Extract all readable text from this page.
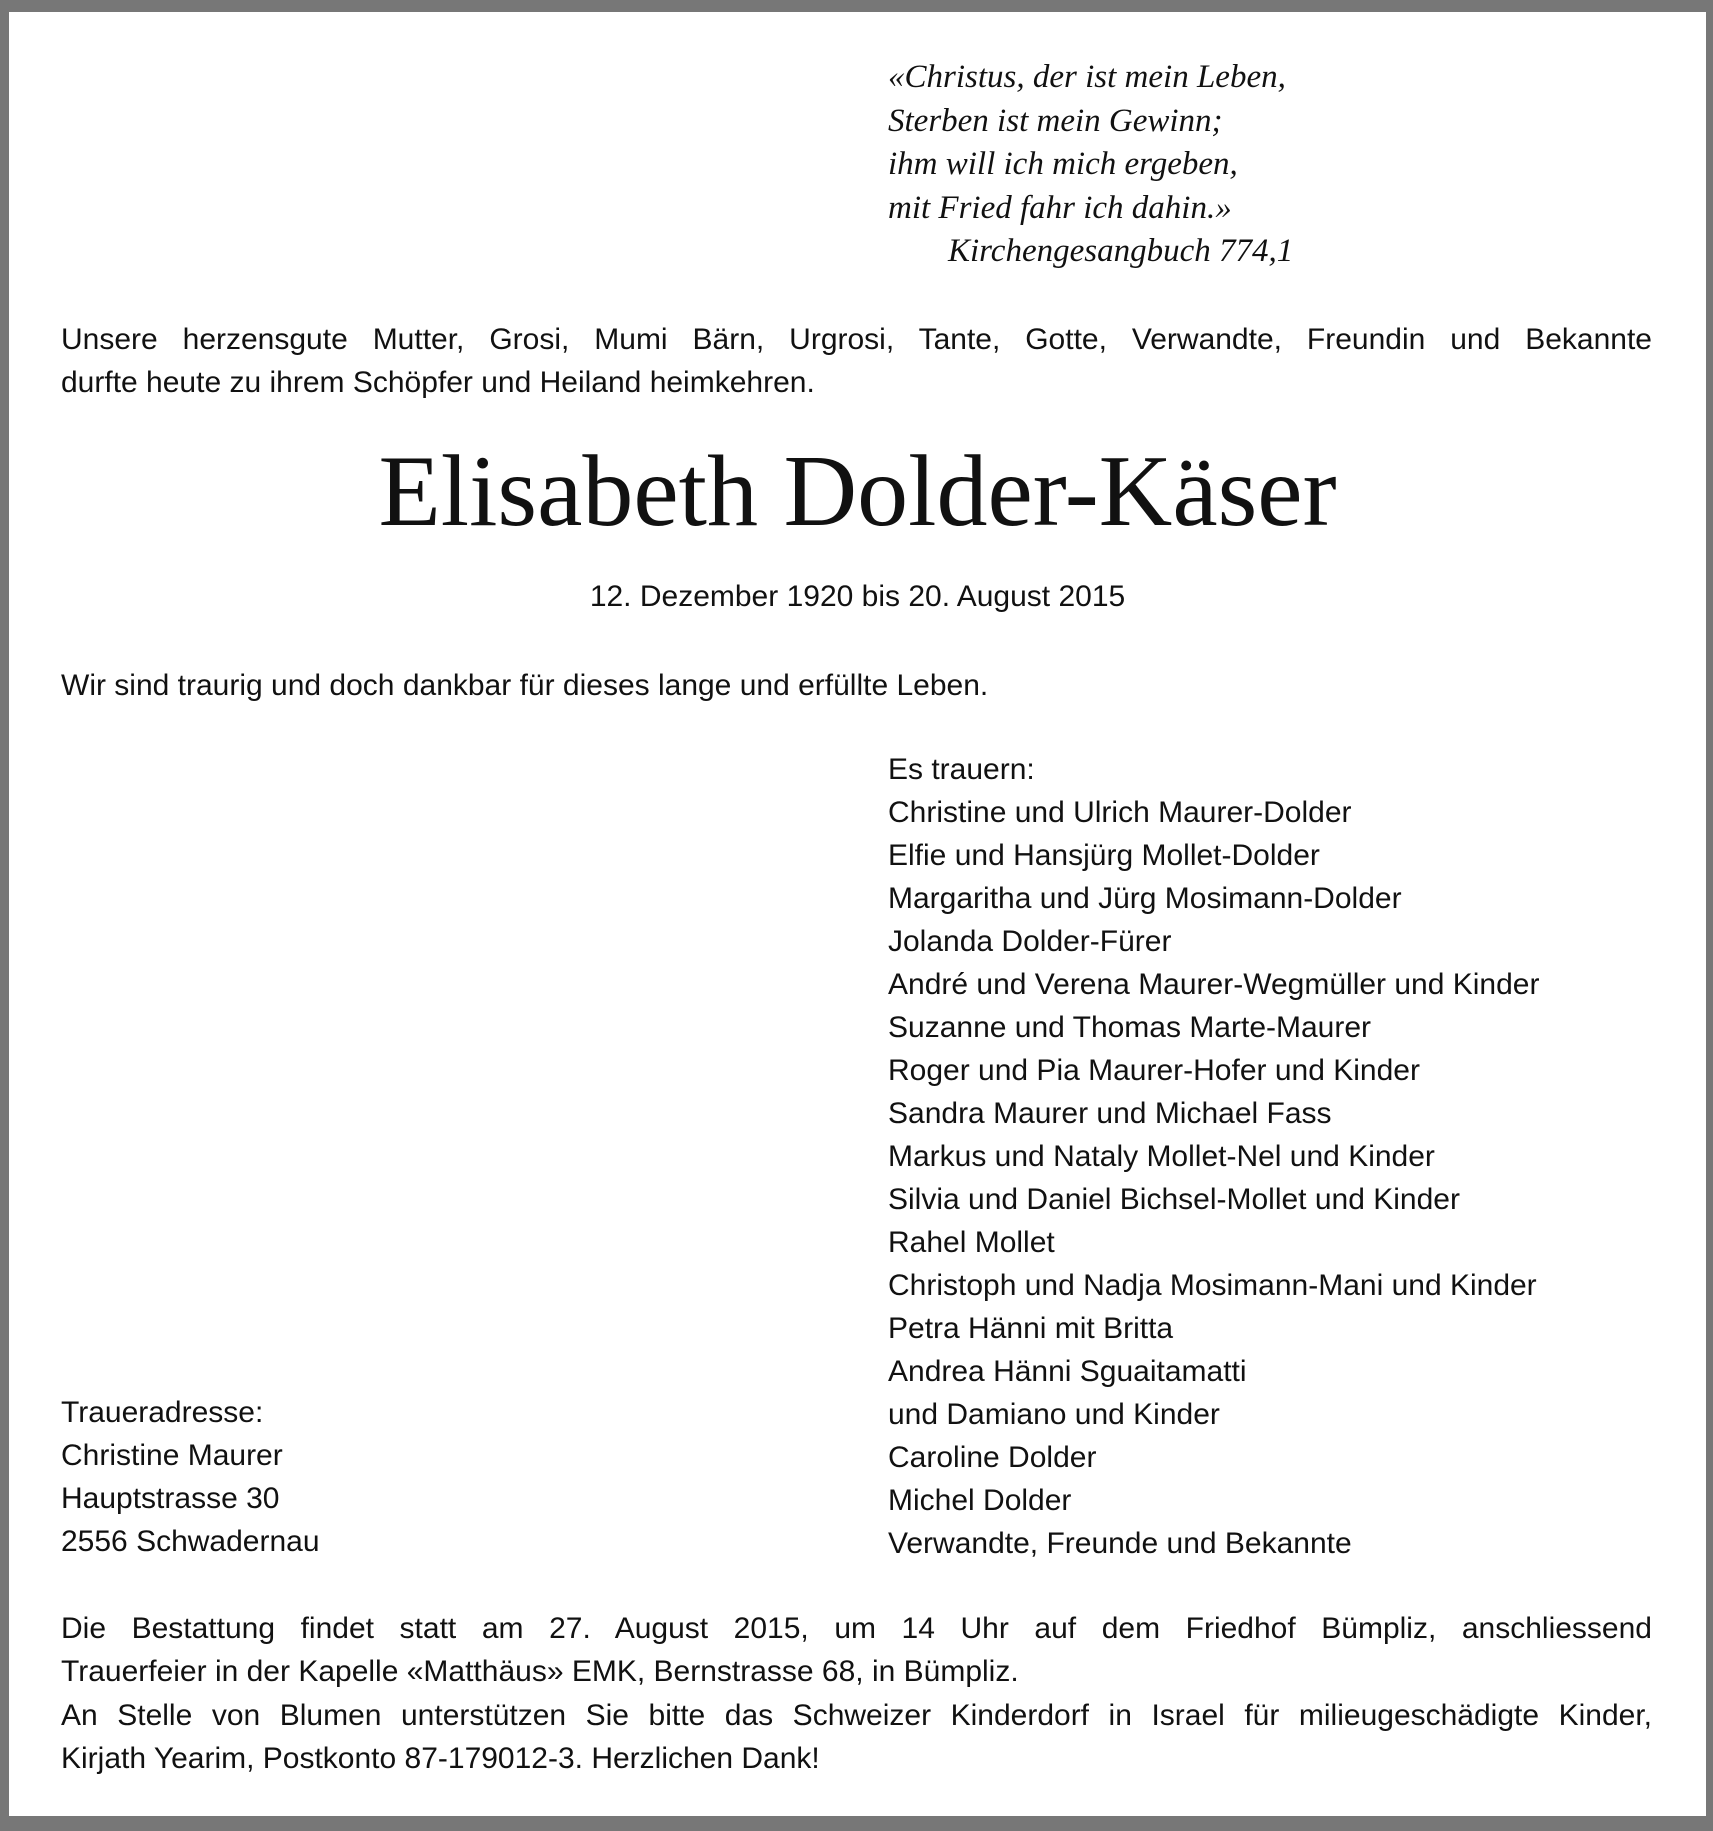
«Christus, der ist mein Leben,
Sterben ist mein Gewinn;
ihm will ich mich ergeben,
mit Fried fahr ich dahin.»
Kirchengesangbuch 774,1
Unsere herzensgute Mutter, Grosi, Mumi Bärn, Urgrosi, Tante, Gotte, Verwandte, Freundin und Bekannte
durfte heute zu ihrem Schöpfer und Heiland heimkehren.
Elisabeth Dolder-Käser
12. Dezember 1920 bis 20. August 2015
Wir sind traurig und doch dankbar für dieses lange und erfüllte Leben.
Es trauern:
Christine und Ulrich Maurer-Dolder
Elfie und Hansjürg Mollet-Dolder
Margaritha und Jürg Mosimann-Dolder
Jolanda Dolder-Fürer
André und Verena Maurer-Wegmüller und Kinder
Suzanne und Thomas Marte-Maurer
Roger und Pia Maurer-Hofer und Kinder
Sandra Maurer und Michael Fass
Markus und Nataly Mollet-Nel und Kinder
Silvia und Daniel Bichsel-Mollet und Kinder
Rahel Mollet
Christoph und Nadja Mosimann-Mani und Kinder
Petra Hänni mit Britta
Andrea Hänni Sguaitamatti
und Damiano und Kinder
Caroline Dolder
Michel Dolder
Verwandte, Freunde und Bekannte
Traueradresse:
Christine Maurer
Hauptstrasse 30
2556 Schwadernau
Die Bestattung findet statt am 27. August 2015, um 14 Uhr auf dem Friedhof Bümpliz, anschliessend
Trauerfeier in der Kapelle «Matthäus» EMK, Bernstrasse 68, in Bümpliz.
An Stelle von Blumen unterstützen Sie bitte das Schweizer Kinderdorf in Israel für milieugeschädigte Kinder,
Kirjath Yearim, Postkonto 87-179012-3. Herzlichen Dank!
